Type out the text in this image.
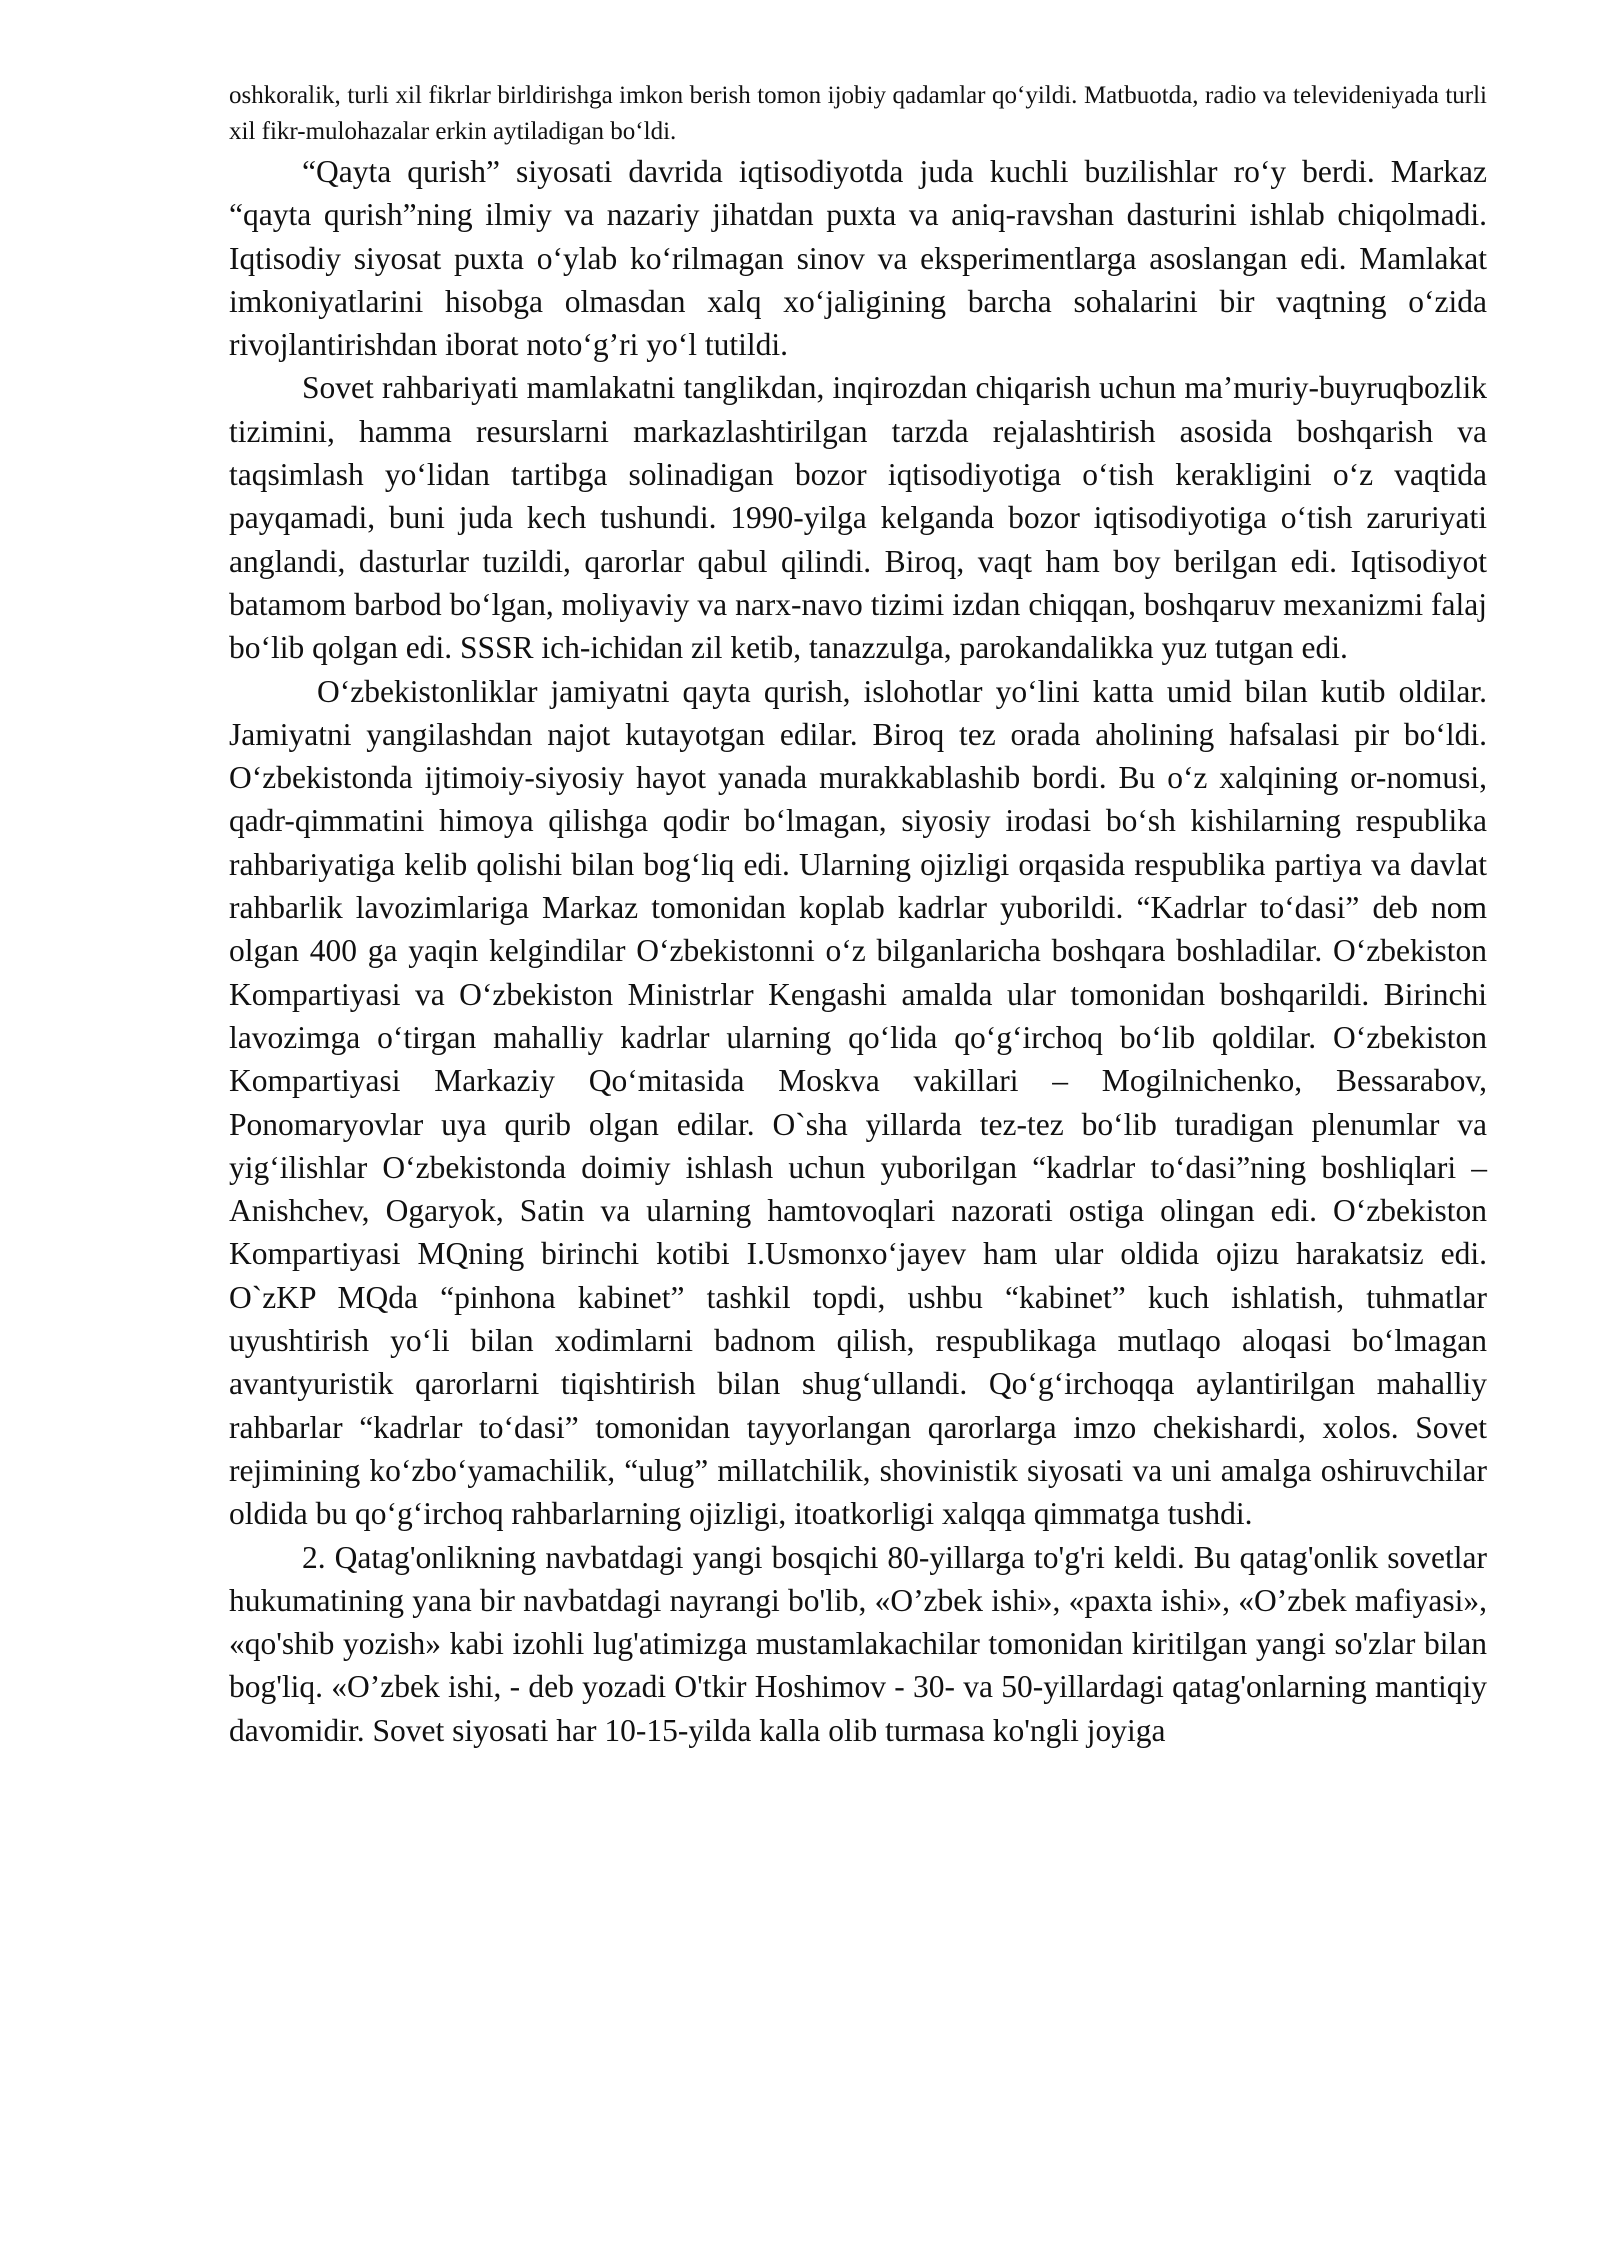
oshkoralik, turli xil fikrlar birldirishga imkon berish tomon ijobiy qadamlar qo‘yildi. Matbuotda, radio va televideniyada turli xil fikr-mulohazalar erkin aytiladigan bo‘ldi.

“Qayta qurish” siyosati davrida iqtisodiyotda juda kuchli buzilishlar ro‘y berdi. Markaz “qayta qurish”ning ilmiy va nazariy jihatdan puxta va aniq-ravshan dasturini ishlab chiqolmadi. Iqtisodiy siyosat puxta o‘ylab ko‘rilmagan sinov va eksperimentlarga asoslangan edi. Mamlakat imkoniyatlarini hisobga olmasdan xalq xo‘jaligining barcha sohalarini bir vaqtning o‘zida rivojlantirishdan iborat noto‘g’ri yo‘l tutildi.

Sovet rahbariyati mamlakatni tanglikdan, inqirozdan chiqarish uchun ma’muriy-buyruqbozlik tizimini, hamma resurslarni markazlashtirilgan tarzda rejalashtirish asosida boshqarish va taqsimlash yo‘lidan tartibga solinadigan bozor iqtisodiyotiga o‘tish kerakligini o‘z vaqtida payqamadi, buni juda kech tushundi. 1990-yilga kelganda bozor iqtisodiyotiga o‘tish zaruriyati anglandi, dasturlar tuzildi, qarorlar qabul qilindi. Biroq, vaqt ham boy berilgan edi. Iqtisodiyot batamom barbod bo‘lgan, moliyaviy va narx-navo tizimi izdan chiqqan, boshqaruv mexanizmi falaj bo‘lib qolgan edi. SSSR ich-ichidan zil ketib, tanazzulga, parokandalikka yuz tutgan edi.

O‘zbekistonliklar jamiyatni qayta qurish, islohotlar yo‘lini katta umid bilan kutib oldilar. Jamiyatni yangilashdan najot kutayotgan edilar. Biroq tez orada aholining hafsalasi pir bo‘ldi. O‘zbekistonda ijtimoiy-siyosiy hayot yanada murakkablashib bordi. Bu o‘z xalqining or-nomusi, qadr-qimmatini himoya qilishga qodir bo‘lmagan, siyosiy irodasi bo‘sh kishilarning respublika rahbariyatiga kelib qolishi bilan bog‘liq edi. Ularning ojizligi orqasida respublika partiya va davlat rahbarlik lavozimlariga Markaz tomonidan koplab kadrlar yuborildi. “Kadrlar to‘dasi” deb nom olgan 400 ga yaqin kelgindilar O‘zbekistonni o‘z bilganlaricha boshqara boshladilar. O‘zbekiston Kompartiyasi va O‘zbekiston Ministrlar Kengashi amalda ular tomonidan boshqarildi. Birinchi lavozimga o‘tirgan mahalliy kadrlar ularning qo‘lida qo‘g‘irchoq bo‘lib qoldilar. O‘zbekiston Kompartiyasi Markaziy Qo‘mitasida Moskva vakillari – Mogilnichenko, Bessarabov, Ponomaryovlar uya qurib olgan edilar. O`sha yillarda tez-tez bo‘lib turadigan plenumlar va yig‘ilishlar O‘zbekistonda doimiy ishlash uchun yuborilgan “kadrlar to‘dasi”ning boshliqlari – Anishchev, Ogaryok, Satin va ularning hamtovoqlari nazorati ostiga olingan edi. O‘zbekiston Kompartiyasi MQning birinchi kotibi I.Usmonxo‘jayev ham ular oldida ojizu harakatsiz edi. O`zKP MQda “pinhona kabinet” tashkil topdi, ushbu “kabinet” kuch ishlatish, tuhmatlar uyushtirish yo‘li bilan xodimlarni badnom qilish, respublikaga mutlaqo aloqasi bo‘lmagan avantyuristik qarorlarni tiqishtirish bilan shug‘ullandi. Qo‘g‘irchoqqa aylantirilgan mahalliy rahbarlar “kadrlar to‘dasi” tomonidan tayyorlangan qarorlarga imzo chekishardi, xolos. Sovet rejimining ko‘zbo‘yamachilik, “ulug” millatchilik, shovinistik siyosati va uni amalga oshiruvchilar oldida bu qo‘g‘irchoq rahbarlarning ojizligi, itoatkorligi xalqqa qimmatga tushdi.

2. Qatag'onlikning navbatdagi yangi bosqichi 80-yillarga to'g'ri keldi. Bu qatag'onlik sovetlar hukumatining yana bir navbatdagi nayrangi bo'lib, «O’zbek ishi», «paxta ishi», «O’zbek mafiyasi», «qo'shib yozish» kabi izohli lug'atimizga mustamlakachilar tomonidan kiritilgan yangi so'zlar bilan bog'liq. «O’zbek ishi, - deb yozadi O'tkir Hoshimov - 30- va 50-yillardagi qatag'onlarning mantiqiy davomidir. Sovet siyosati har 10-15-yilda kalla olib turmasa ko'ngli joyiga
